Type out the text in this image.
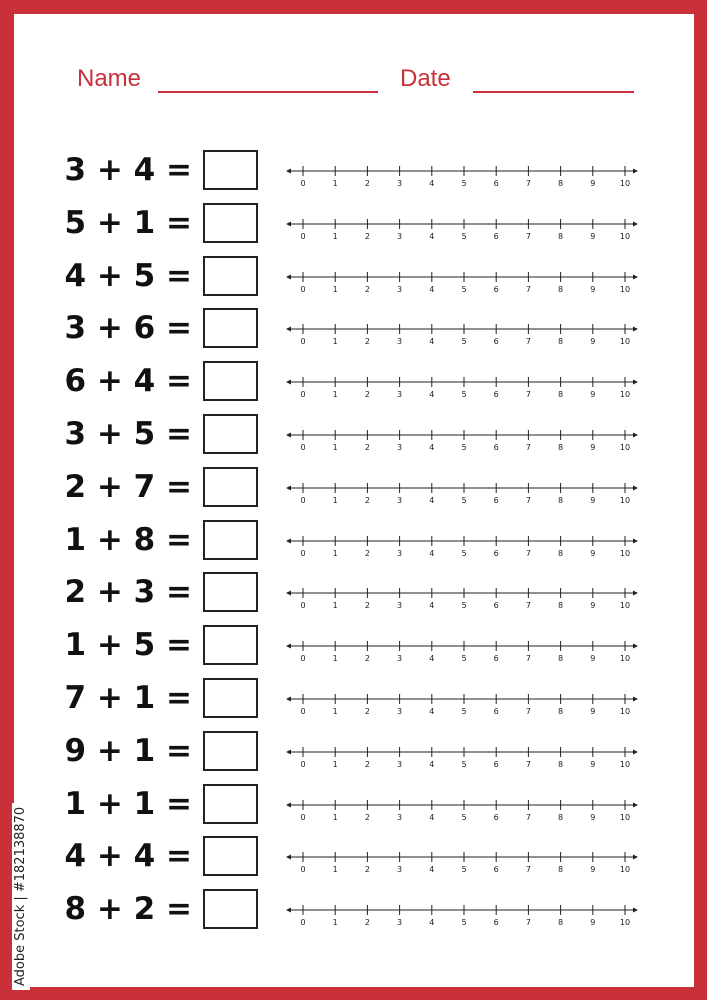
Name	Date
3 + 4 =	0	1	2	3	4	5	6	7	8	9	10
5 + 1 =	0	1	2	3	4	5	6	7	8	9	10
4 + 5 =	0	1	2	3	4	5	6	7	8	9	10
3 + 6 =	0	1	2	3	4	5	6	7	8	9	10
6 + 4 =	0	1	2	3	4	5	6	7	8	9	10
3 + 5 =	0	1	2	3	4	5	6	7	8	9	10
2 + 7 =	0	1	2	3	4	5	6	7	8	9	10
1 + 8 =	0	1	2	3	4	5	6	7	8	9	10
2 + 3 =	0	1	2	3	4	5	6	7	8	9	10
1 + 5 =	0	1	2	3	4	5	6	7	8	9	10
7 + 1 =	0	1	2	3	4	5	6	7	8	9	10
9 + 1 =	0	1	2	3	4	5	6	7	8	9	10
1 + 1 =	0	1	2	3	4	5	6	7	8	9	10
4 + 4 =	0	1	2	3	4	5	6	7	8	9	10
8 + 2 =	0	1	2	3	4	5	6	7	8	9	10
Adobe Stock | #182138870
